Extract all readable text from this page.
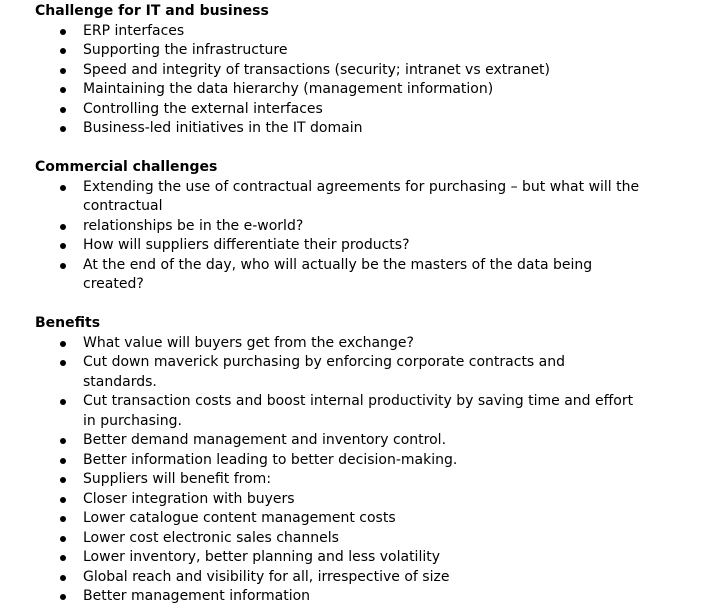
Challenge for IT and business

ERP interfaces
Supporting the infrastructure
Speed and integrity of transactions (security; intranet vs extranet)
Maintaining the data hierarchy (management information)
Controlling the external interfaces
Business-led initiatives in the IT domain

Commercial challenges

Extending the use of contractual agreements for purchasing – but what will the contractual
relationships be in the e-world?
How will suppliers differentiate their products?
At the end of the day, who will actually be the masters of the data being created?

Benefits

What value will buyers get from the exchange?
Cut down maverick purchasing by enforcing corporate contracts and standards.
Cut transaction costs and boost internal productivity by saving time and effort in purchasing.
Better demand management and inventory control.
Better information leading to better decision-making.
Suppliers will benefit from:
Closer integration with buyers
Lower catalogue content management costs
Lower cost electronic sales channels
Lower inventory, better planning and less volatility
Global reach and visibility for all, irrespective of size
Better management information
